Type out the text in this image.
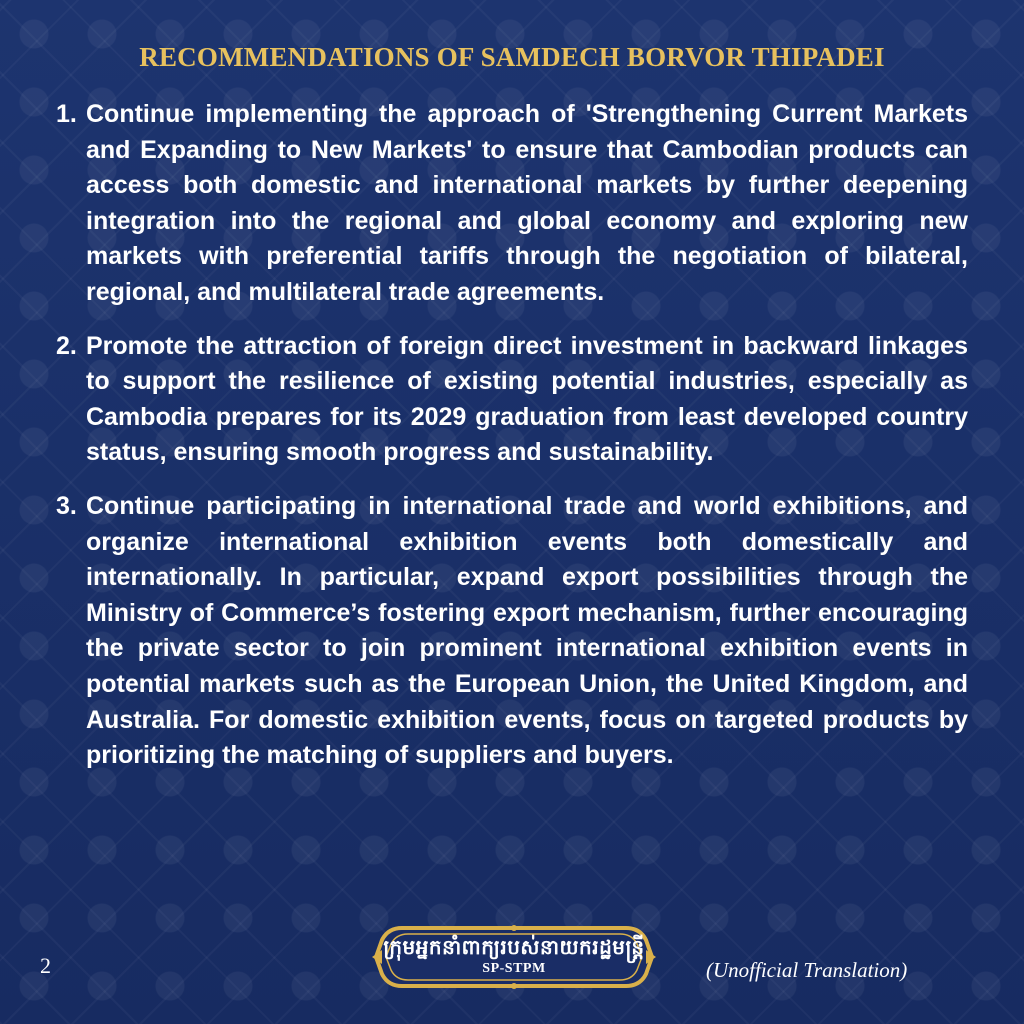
RECOMMENDATIONS OF SAMDECH BORVOR THIPADEI
1. Continue implementing the approach of 'Strengthening Current Markets and Expanding to New Markets' to ensure that Cambodian products can access both domestic and international markets by further deepening integration into the regional and global economy and exploring new markets with preferential tariffs through the negotiation of bilateral, regional, and multilateral trade agreements.
2. Promote the attraction of foreign direct investment in backward linkages to support the resilience of existing potential industries, especially as Cambodia prepares for its 2029 graduation from least developed country status, ensuring smooth progress and sustainability.
3. Continue participating in international trade and world exhibitions, and organize international exhibition events both domestically and internationally. In particular, expand export possibilities through the Ministry of Commerce’s fostering export mechanism, further encouraging the private sector to join prominent international exhibition events in potential markets such as the European Union, the United Kingdom, and Australia. For domestic exhibition events, focus on targeted products by prioritizing the matching of suppliers and buyers.
2
ក្រុមអ្នកនាំពាក្យរបស់នាយករដ្ឋមន្ត្រី
SP-STPM	(Unofficial Translation)
